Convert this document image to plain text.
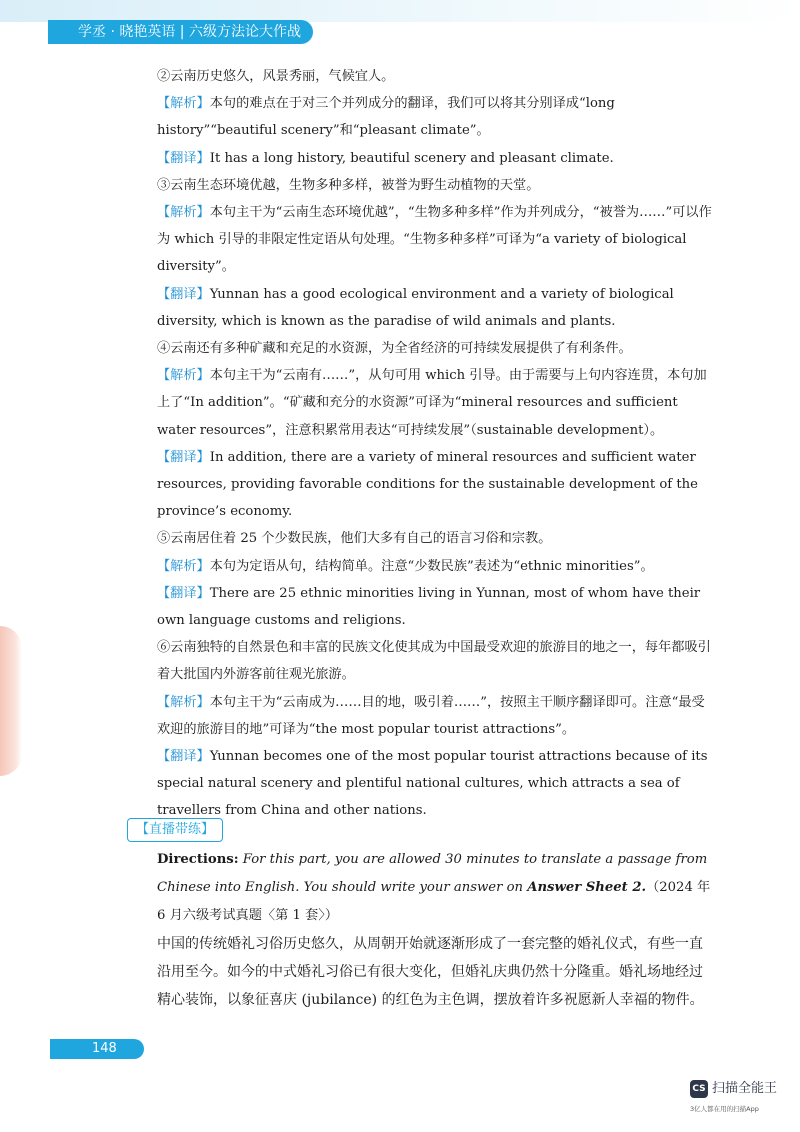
学丞 · 晓艳英语 | 六级方法论大作战

②云南历史悠久，风景秀丽，气候宜人。

【解析】本句的难点在于对三个并列成分的翻译，我们可以将其分别译成“long history”“beautiful scenery”和“pleasant climate”。

【翻译】It has a long history, beautiful scenery and pleasant climate.

③云南生态环境优越，生物多种多样，被誉为野生动植物的天堂。

【解析】本句主干为“云南生态环境优越”，“生物多种多样”作为并列成分，“被誉为……”可以作为 which 引导的非限定性定语从句处理。“生物多种多样”可译为“a variety of biological diversity”。

【翻译】Yunnan has a good ecological environment and a variety of biological diversity, which is known as the paradise of wild animals and plants.

④云南还有多种矿藏和充足的水资源，为全省经济的可持续发展提供了有利条件。

【解析】本句主干为“云南有……”，从句可用 which 引导。由于需要与上句内容连贯，本句加上了“In addition”。“矿藏和充分的水资源”可译为“mineral resources and sufficient water resources”，注意积累常用表达“可持续发展”（sustainable development）。

【翻译】In addition, there are a variety of mineral resources and sufficient water resources, providing favorable conditions for the sustainable development of the province’s economy.

⑤云南居住着 25 个少数民族，他们大多有自己的语言习俗和宗教。

【解析】本句为定语从句，结构简单。注意“少数民族”表述为“ethnic minorities”。

【翻译】There are 25 ethnic minorities living in Yunnan, most of whom have their own language customs and religions.

⑥云南独特的自然景色和丰富的民族文化使其成为中国最受欢迎的旅游目的地之一，每年都吸引着大批国内外游客前往观光旅游。

【解析】本句主干为“云南成为……目的地，吸引着……”，按照主干顺序翻译即可。注意“最受欢迎的旅游目的地”可译为“the most popular tourist attractions”。

【翻译】Yunnan becomes one of the most popular tourist attractions because of its special natural scenery and plentiful national cultures, which attracts a sea of travellers from China and other nations.

【直播带练】

Directions: For this part, you are allowed 30 minutes to translate a passage from Chinese into English. You should write your answer on Answer Sheet 2.（2024 年 6 月六级考试真题〈第 1 套〉）

中国的传统婚礼习俗历史悠久，从周朝开始就逐渐形成了一套完整的婚礼仪式，有些一直沿用至今。如今的中式婚礼习俗已有很大变化，但婚礼庆典仍然十分隆重。婚礼场地经过精心装饰，以象征喜庆 (jubilance) 的红色为主色调，摆放着许多祝愿新人幸福的物件。

148
CS 扫描全能王
3亿人都在用的扫描App
